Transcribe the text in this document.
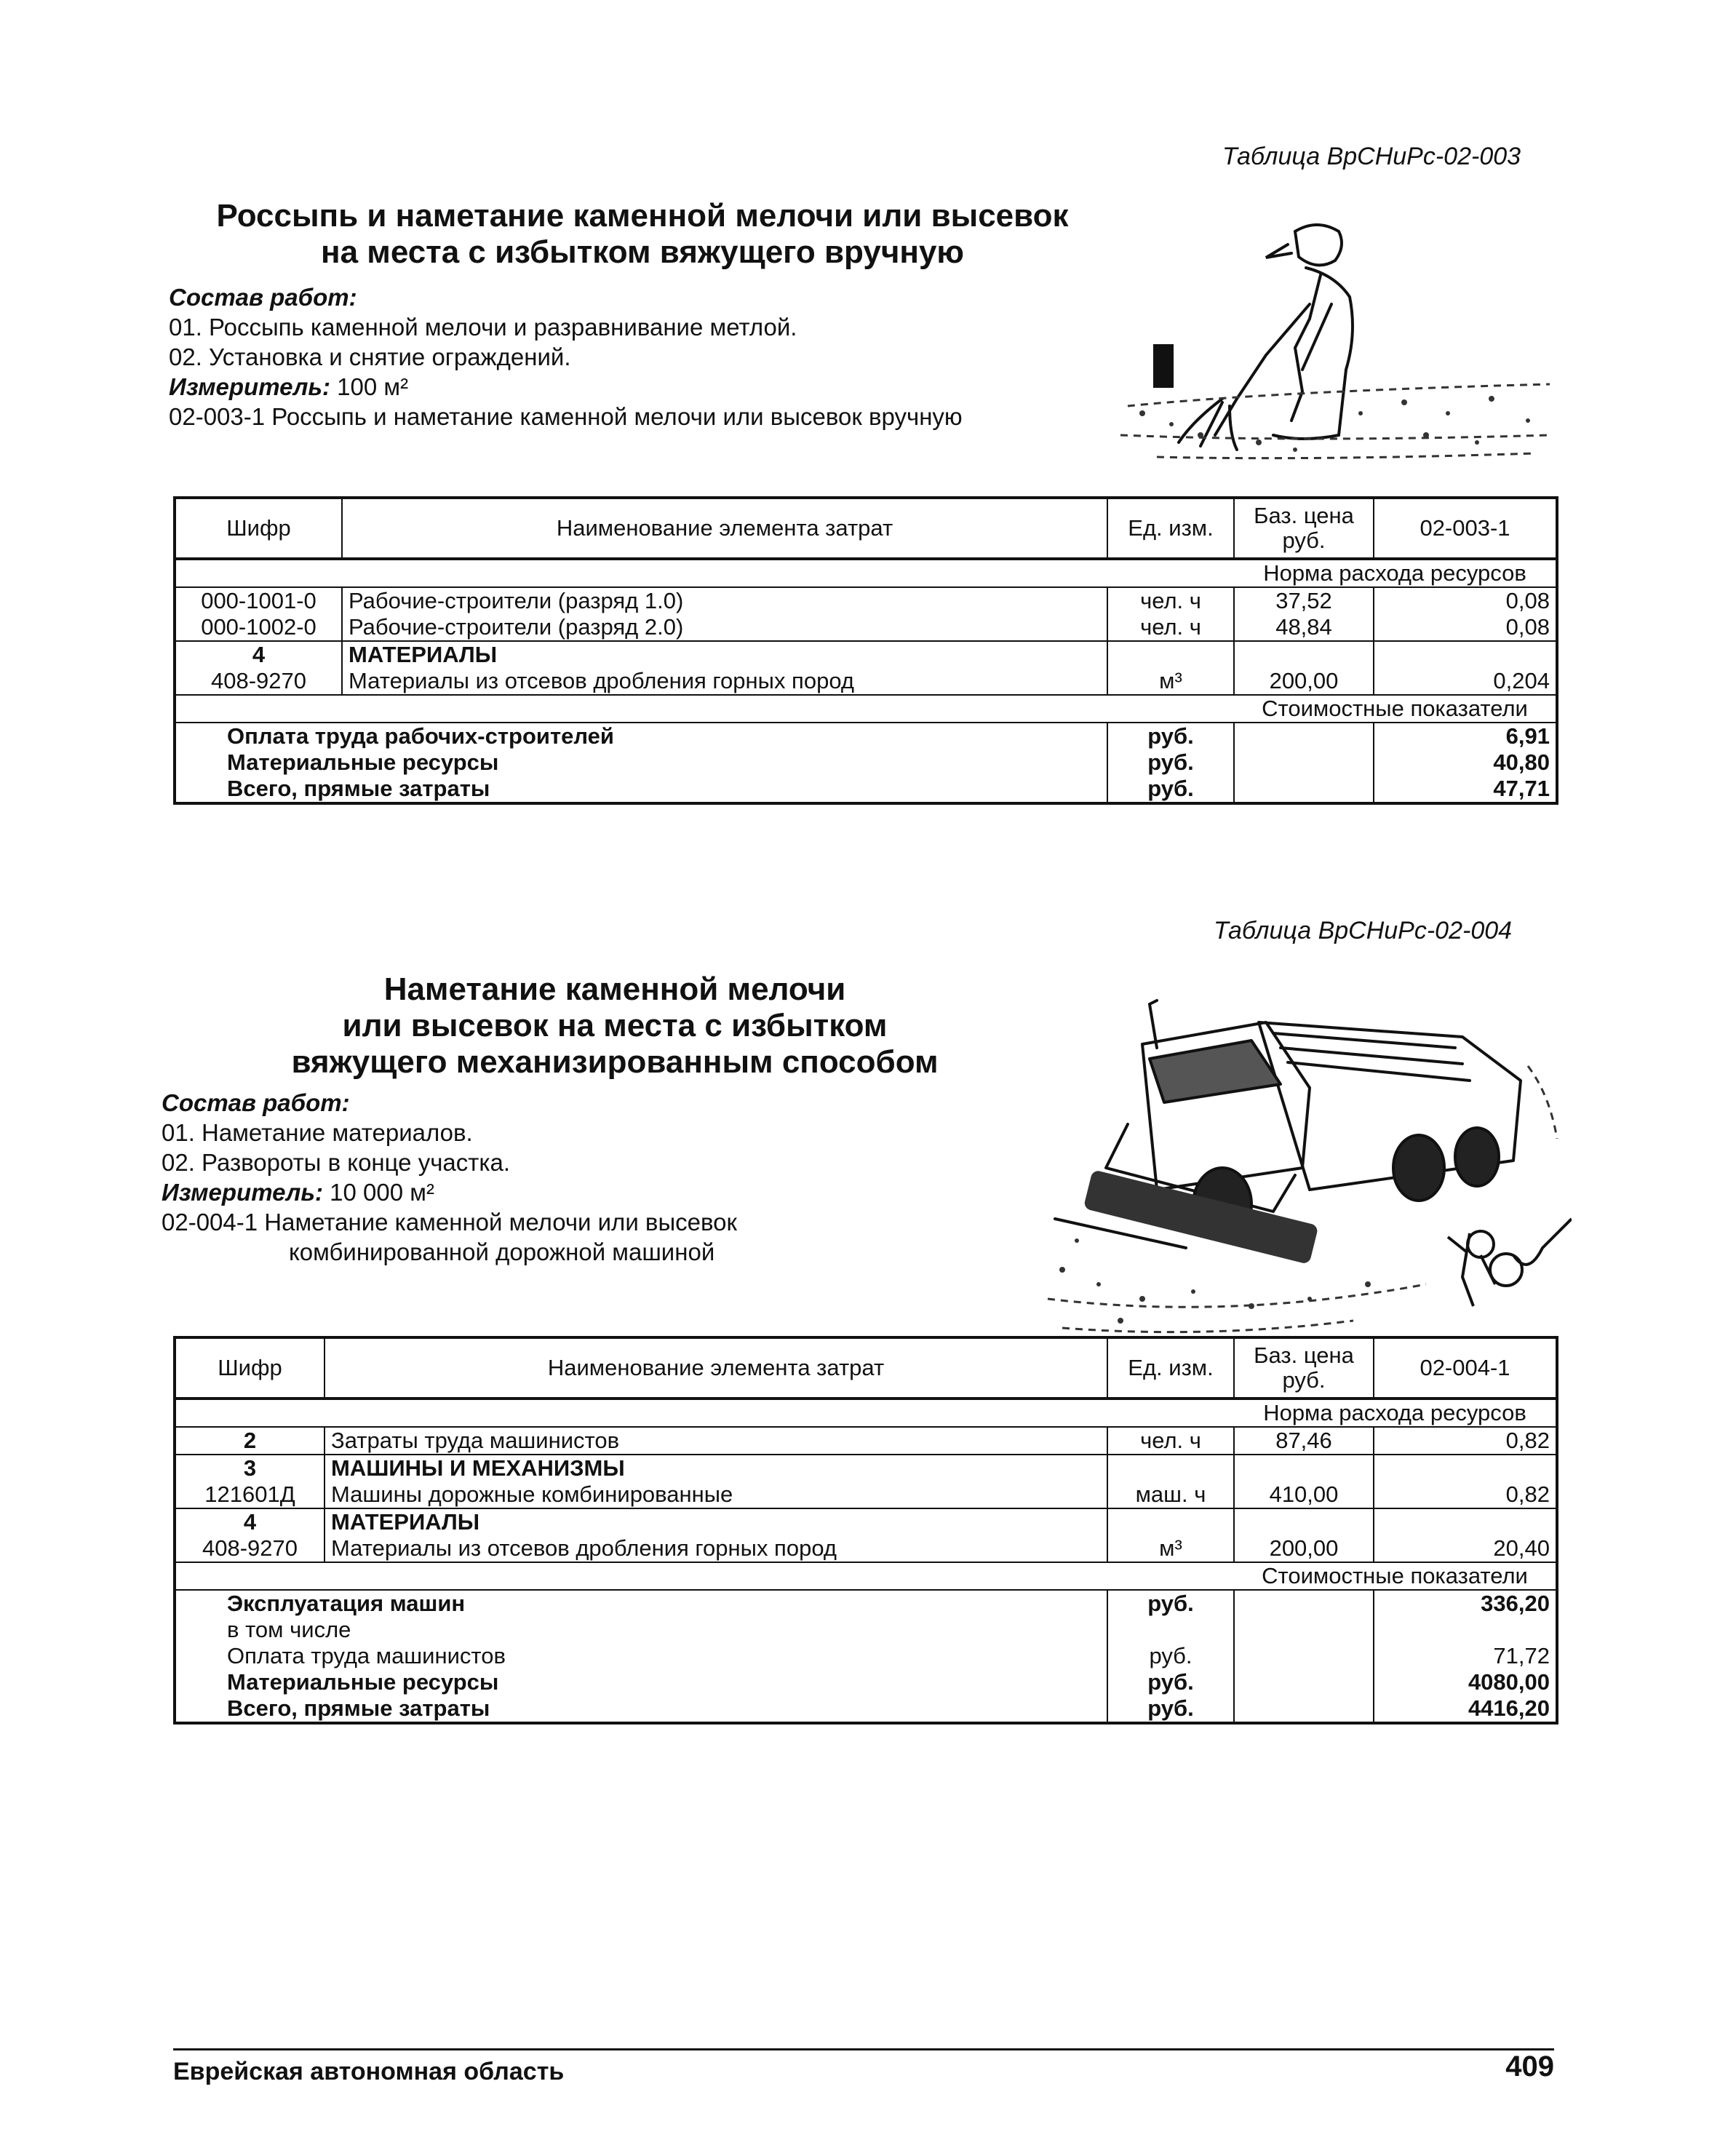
Таблица ВрСНиРс-02-003
Россыпь и наметание каменной мелочи или высевок
на места с избытком вяжущего вручную
Состав работ:
01. Россыпь каменной мелочи и разравнивание метлой.
02. Установка и снятие ограждений.
Измеритель: 100 м²
02-003-1 Россыпь и наметание каменной мелочи или высевок вручную
Шифр	Наименование элемента затрат	Ед. изм.	Баз. цена руб.	02-003-1
			Норма расхода ресурсов	
000-1001-0	Рабочие-строители (разряд 1.0)	чел. ч	37,52	0,08
000-1002-0	Рабочие-строители (разряд 2.0)	чел. ч	48,84	0,08
4	МАТЕРИАЛЫ			
408-9270	Материалы из отсевов дробления горных пород	м³	200,00	0,204
			Стоимостные показатели	
Оплата труда рабочих-строителей		руб.		6,91
Материальные ресурсы		руб.		40,80
Всего, прямые затраты		руб.		47,71
Таблица ВрСНиРс-02-004
Наметание каменной мелочи
или высевок на места с избытком
вяжущего механизированным способом
Состав работ:
01. Наметание материалов.
02. Развороты в конце участка.
Измеритель: 10 000 м²
02-004-1 Наметание каменной мелочи или высевок
комбинированной дорожной машиной
Шифр	Наименование элемента затрат	Ед. изм.	Баз. цена руб.	02-004-1
			Норма расхода ресурсов	
2	Затраты труда машинистов	чел. ч	87,46	0,82
3	МАШИНЫ И МЕХАНИЗМЫ			
121601Д	Машины дорожные комбинированные	маш. ч	410,00	0,82
4	МАТЕРИАЛЫ			
408-9270	Материалы из отсевов дробления горных пород	м³	200,00	20,40
			Стоимостные показатели	
Эксплуатация машин		руб.		336,20
в том числе				
Оплата труда машинистов		руб.		71,72
Материальные ресурсы		руб.		4080,00
Всего, прямые затраты		руб.		4416,20
Еврейская автономная область	409
